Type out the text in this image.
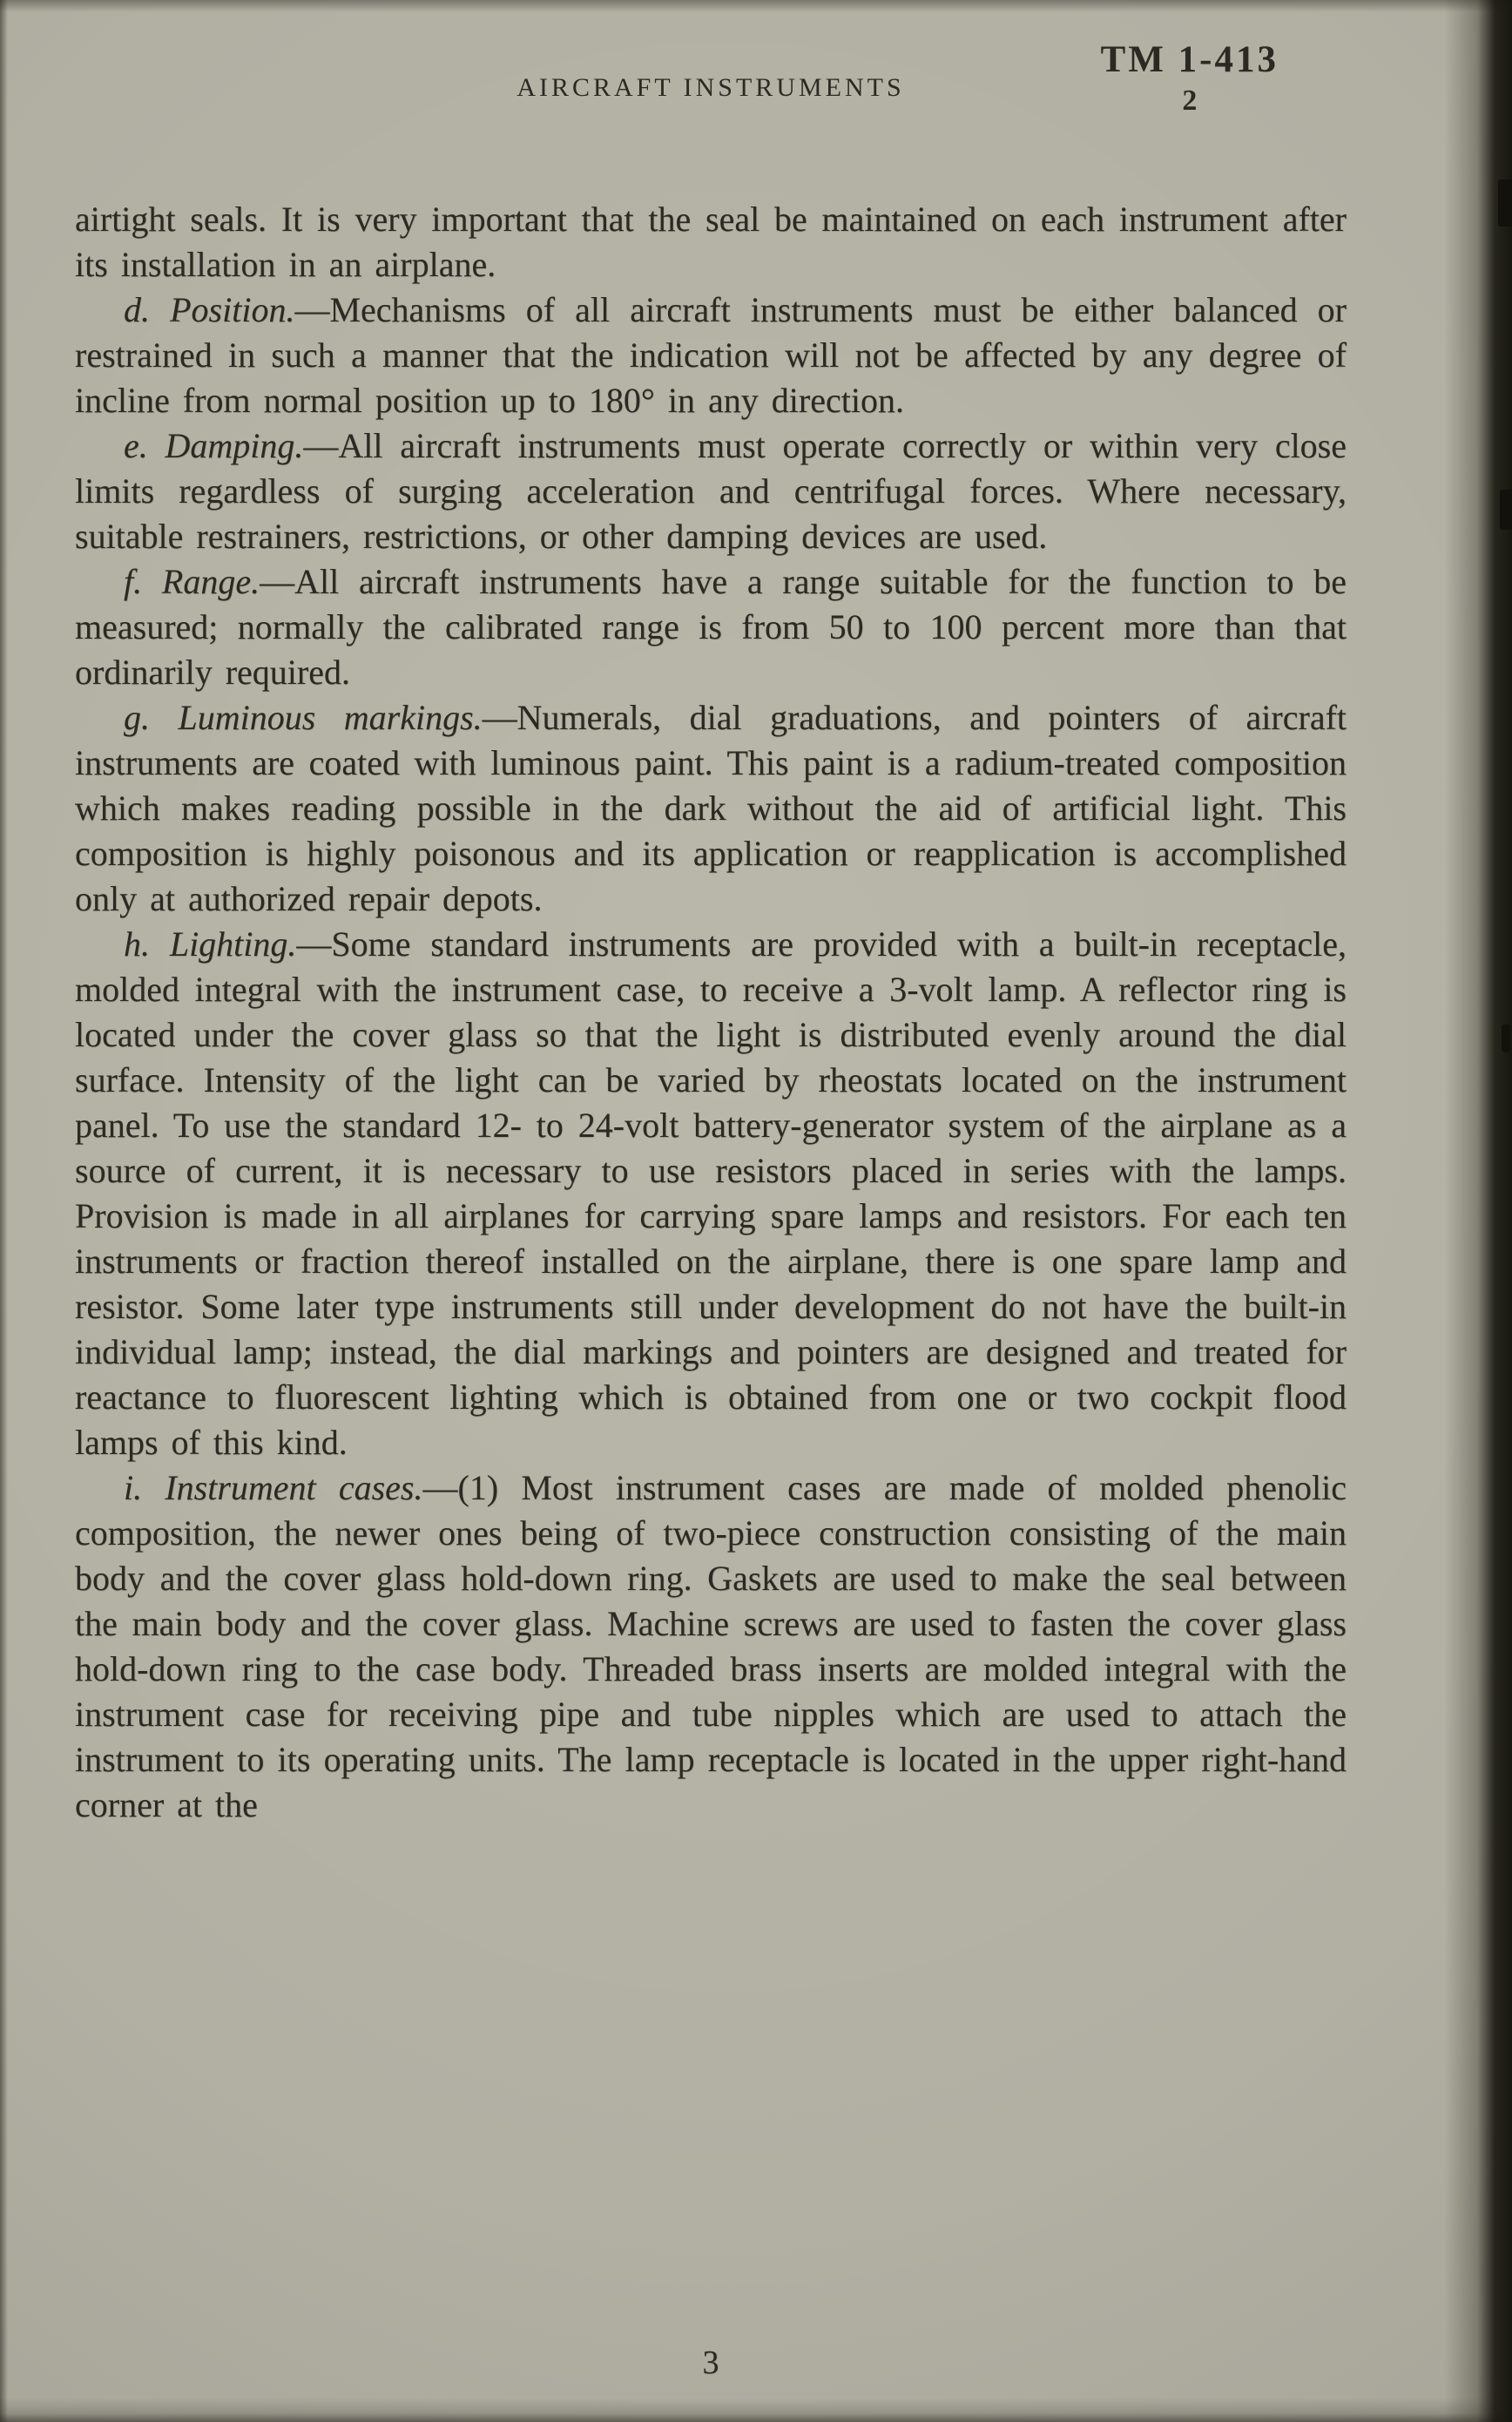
AIRCRAFT INSTRUMENTS
TM 1-413
2

airtight seals. It is very important that the seal be maintained on each instrument after its installation in an airplane.

d. Position.—Mechanisms of all aircraft instruments must be either balanced or restrained in such a manner that the indication will not be affected by any degree of incline from normal position up to 180° in any direction.

e. Damping.—All aircraft instruments must operate correctly or within very close limits regardless of surging acceleration and centrifugal forces. Where necessary, suitable restrainers, restrictions, or other damping devices are used.

f. Range.—All aircraft instruments have a range suitable for the function to be measured; normally the calibrated range is from 50 to 100 percent more than that ordinarily required.

g. Luminous markings.—Numerals, dial graduations, and pointers of aircraft instruments are coated with luminous paint. This paint is a radium-treated composition which makes reading possible in the dark without the aid of artificial light. This composition is highly poisonous and its application or reapplication is accomplished only at authorized repair depots.

h. Lighting.—Some standard instruments are provided with a built-in receptacle, molded integral with the instrument case, to receive a 3-volt lamp. A reflector ring is located under the cover glass so that the light is distributed evenly around the dial surface. Intensity of the light can be varied by rheostats located on the instrument panel. To use the standard 12- to 24-volt battery-generator system of the airplane as a source of current, it is necessary to use resistors placed in series with the lamps. Provision is made in all airplanes for carrying spare lamps and resistors. For each ten instruments or fraction thereof installed on the airplane, there is one spare lamp and resistor. Some later type instruments still under development do not have the built-in individual lamp; instead, the dial markings and pointers are designed and treated for reactance to fluorescent lighting which is obtained from one or two cockpit flood lamps of this kind.

i. Instrument cases.—(1) Most instrument cases are made of molded phenolic composition, the newer ones being of two-piece construction consisting of the main body and the cover glass hold-down ring. Gaskets are used to make the seal between the main body and the cover glass. Machine screws are used to fasten the cover glass hold-down ring to the case body. Threaded brass inserts are molded integral with the instrument case for receiving pipe and tube nipples which are used to attach the instrument to its operating units. The lamp receptacle is located in the upper right-hand corner at the

3
